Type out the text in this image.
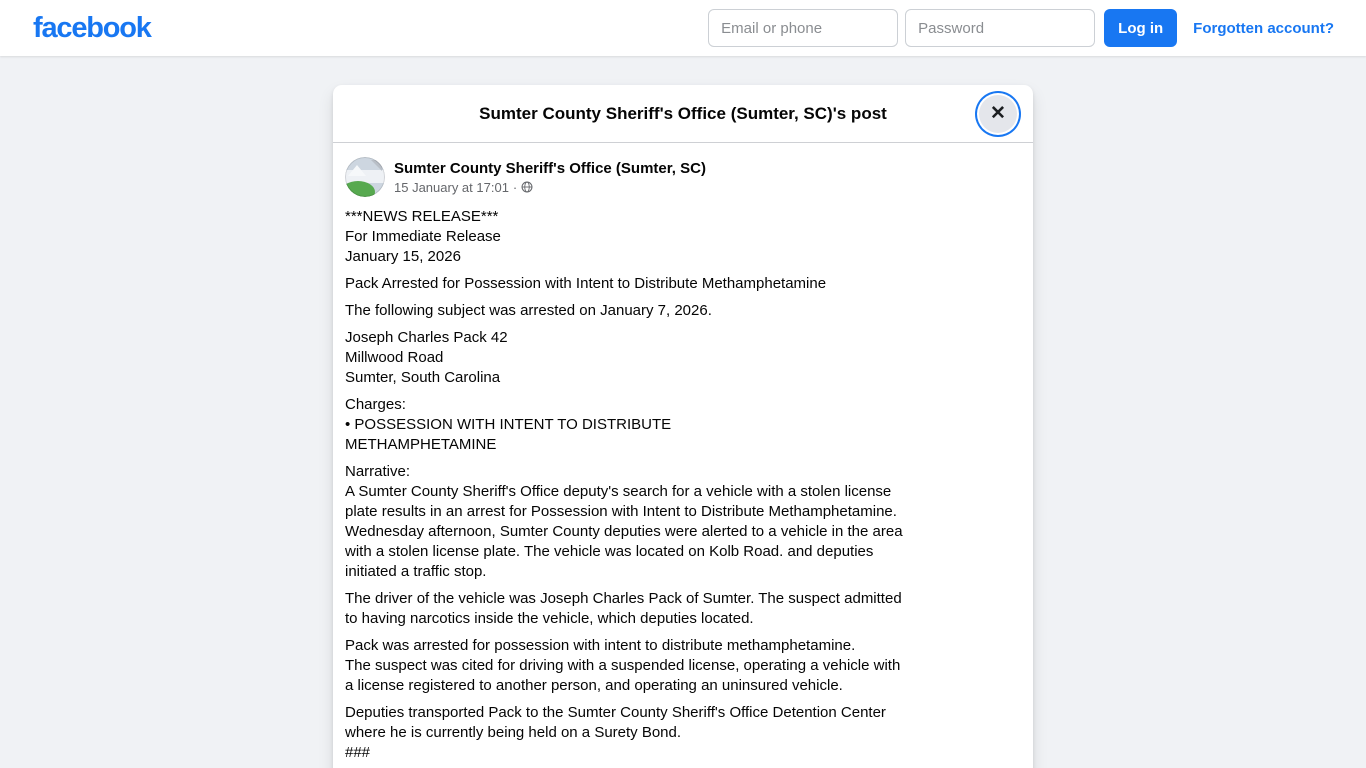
facebook
Email or phone	Log in	Forgotten account?
Sumter County Sheriff's Office (Sumter, SC)'s post	✕
Sumter County Sheriff's Office (Sumter, SC)
15 January at 17:01 ·
***NEWS RELEASE***
For Immediate Release
January 15, 2026
Pack Arrested for Possession with Intent to Distribute Methamphetamine
The following subject was arrested on January 7, 2026.
Joseph Charles Pack 42
Millwood Road
Sumter, South Carolina
Charges:
• POSSESSION WITH INTENT TO DISTRIBUTE
METHAMPHETAMINE
Narrative:
A Sumter County Sheriff's Office deputy's search for a vehicle with a stolen license
plate results in an arrest for Possession with Intent to Distribute Methamphetamine.
Wednesday afternoon, Sumter County deputies were alerted to a vehicle in the area
with a stolen license plate. The vehicle was located on Kolb Road. and deputies
initiated a traffic stop.
The driver of the vehicle was Joseph Charles Pack of Sumter. The suspect admitted
to having narcotics inside the vehicle, which deputies located.
Pack was arrested for possession with intent to distribute methamphetamine.
The suspect was cited for driving with a suspended license, operating a vehicle with
a license registered to another person, and operating an uninsured vehicle.
Deputies transported Pack to the Sumter County Sheriff's Office Detention Center
where he is currently being held on a Surety Bond.
###
